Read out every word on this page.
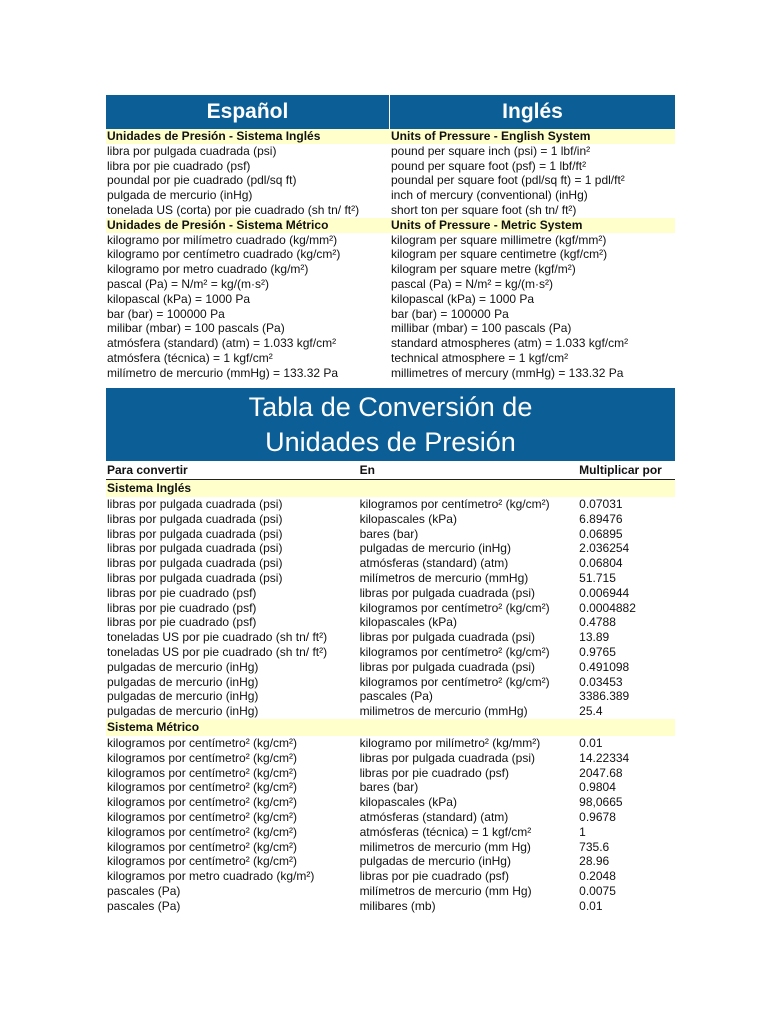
Español	Inglés
Unidades de Presión - Sistema Inglés	Units of Pressure - English System
libra por pulgada cuadrada (psi)	pound per square inch (psi) = 1 lbf/in²
libra por pie cuadrado (psf)	pound per square foot (psf) = 1 lbf/ft²
poundal por pie cuadrado (pdl/sq ft)	poundal per square foot (pdl/sq ft) = 1 pdl/ft²
pulgada de mercurio (inHg)	inch of mercury (conventional) (inHg)
tonelada US (corta) por pie cuadrado (sh tn/ ft²)	short ton per square foot (sh tn/ ft²)
Unidades de Presión - Sistema Métrico	Units of Pressure - Metric System
kilogramo por milímetro cuadrado (kg/mm²)	kilogram per square millimetre (kgf/mm²)
kilogramo por centímetro cuadrado (kg/cm²)	kilogram per square centimetre (kgf/cm²)
kilogramo por metro cuadrado (kg/m²)	kilogram per square metre (kgf/m²)
pascal (Pa) = N/m² = kg/(m·s²)	pascal (Pa) = N/m² = kg/(m·s²)
kilopascal (kPa) = 1000 Pa	kilopascal (kPa) = 1000 Pa
bar (bar) = 100000 Pa	bar (bar) = 100000 Pa
milibar (mbar) = 100 pascals (Pa)	millibar (mbar) = 100 pascals (Pa)
atmósfera (standard) (atm) = 1.033 kgf/cm²	standard atmospheres (atm) = 1.033 kgf/cm²
atmósfera (técnica) = 1 kgf/cm²	technical atmosphere = 1 kgf/cm²
milímetro de mercurio (mmHg) = 133.32 Pa	millimetres of mercury (mmHg) = 133.32 Pa
Tabla de Conversión de
Unidades de Presión
Para convertir	En	Multiplicar por
Sistema Inglés
libras por pulgada cuadrada (psi)	kilogramos por centímetro² (kg/cm²)	0.07031
libras por pulgada cuadrada (psi)	kilopascales (kPa)	6.89476
libras por pulgada cuadrada (psi)	bares (bar)	0.06895
libras por pulgada cuadrada (psi)	pulgadas de mercurio (inHg)	2.036254
libras por pulgada cuadrada (psi)	atmósferas (standard) (atm)	0.06804
libras por pulgada cuadrada (psi)	milímetros de mercurio (mmHg)	51.715
libras por pie cuadrado (psf)	libras por pulgada cuadrada (psi)	0.006944
libras por pie cuadrado (psf)	kilogramos por centímetro² (kg/cm²)	0.0004882
libras por pie cuadrado (psf)	kilopascales (kPa)	0.4788
toneladas US por pie cuadrado (sh tn/ ft²)	libras por pulgada cuadrada (psi)	13.89
toneladas US por pie cuadrado (sh tn/ ft²)	kilogramos por centímetro² (kg/cm²)	0.9765
pulgadas de mercurio (inHg)	libras por pulgada cuadrada (psi)	0.491098
pulgadas de mercurio (inHg)	kilogramos por centímetro² (kg/cm²)	0.03453
pulgadas de mercurio (inHg)	pascales (Pa)	3386.389
pulgadas de mercurio (inHg)	milimetros de mercurio (mmHg)	25.4
Sistema Métrico
kilogramos por centímetro² (kg/cm²)	kilogramo por milímetro² (kg/mm²)	0.01
kilogramos por centímetro² (kg/cm²)	libras por pulgada cuadrada (psi)	14.22334
kilogramos por centímetro² (kg/cm²)	libras por pie cuadrado (psf)	2047.68
kilogramos por centímetro² (kg/cm²)	bares (bar)	0.9804
kilogramos por centímetro² (kg/cm²)	kilopascales (kPa)	98,0665
kilogramos por centímetro² (kg/cm²)	atmósferas (standard) (atm)	0.9678
kilogramos por centímetro² (kg/cm²)	atmósferas (técnica) = 1 kgf/cm²	1
kilogramos por centímetro² (kg/cm²)	milimetros de mercurio (mm Hg)	735.6
kilogramos por centímetro² (kg/cm²)	pulgadas de mercurio (inHg)	28.96
kilogramos por metro cuadrado (kg/m²)	libras por pie cuadrado (psf)	0.2048
pascales (Pa)	milímetros de mercurio (mm Hg)	0.0075
pascales (Pa)	milibares (mb)	0.01
